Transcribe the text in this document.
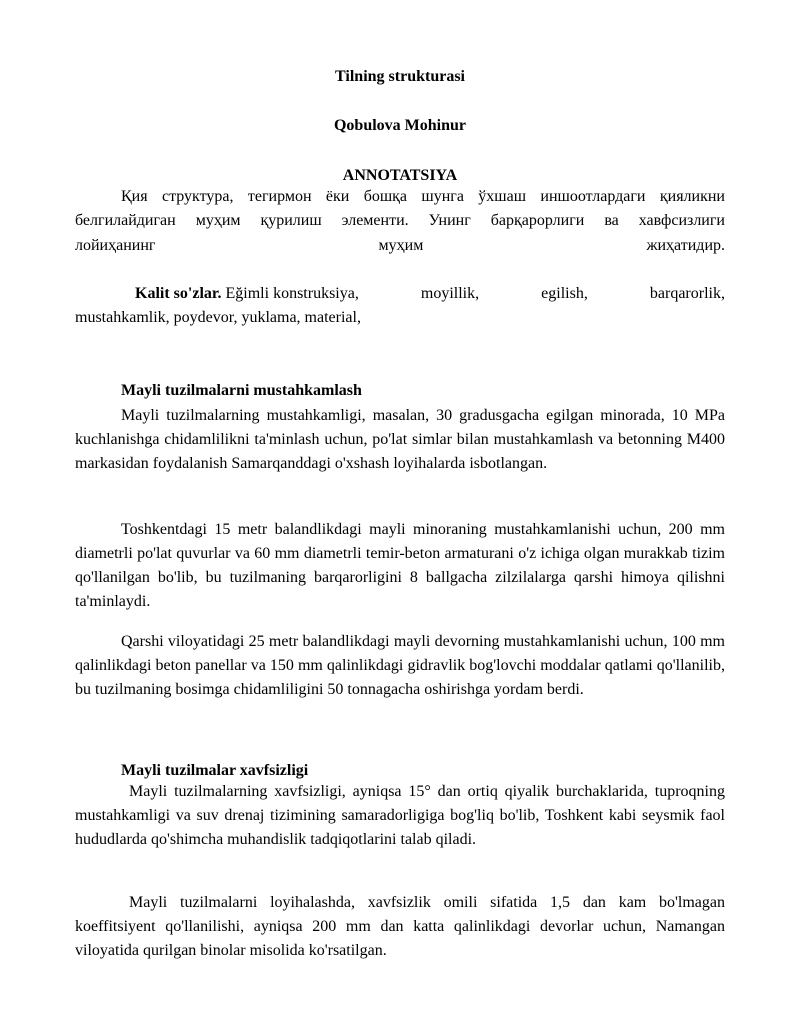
Tilning strukturasi
Qobulova Mohinur
ANNOTATSIYA
Қия структура, тегирмон ёки бошқа шунга ўхшаш иншоотлардаги қияликни
белгилайдиган муҳим қурилиш элементи. Унинг барқарорлиги ва хавфсизлиги
лойиҳанинг	муҳим	жиҳатидир.
Kalit so'zlar. Eğimli konstruksiya,	moyillik,	egilish,	barqarorlik,
mustahkamlik, poydevor, yuklama, material,
Mayli tuzilmalarni mustahkamlash

Mayli tuzilmalarning mustahkamligi, masalan, 30 gradusgacha egilgan minorada, 10 MPa kuchlanishga chidamlilikni ta'minlash uchun, po'lat simlar bilan mustahkamlash va betonning M400 markasidan foydalanish Samarqanddagi o'xshash loyihalarda isbotlangan.

Toshkentdagi 15 metr balandlikdagi mayli minoraning mustahkamlanishi uchun, 200 mm diametrli po'lat quvurlar va 60 mm diametrli temir-beton armaturani o'z ichiga olgan murakkab tizim qo'llanilgan bo'lib, bu tuzilmaning barqarorligini 8 ballgacha zilzilalarga qarshi himoya qilishni ta'minlaydi.

Qarshi viloyatidagi 25 metr balandlikdagi mayli devorning mustahkamlanishi uchun, 100 mm qalinlikdagi beton panellar va 150 mm qalinlikdagi gidravlik bog'lovchi moddalar qatlami qo'llanilib, bu tuzilmaning bosimga chidamliligini 50 tonnagacha oshirishga yordam berdi.

Mayli tuzilmalar xavfsizligi

Mayli tuzilmalarning xavfsizligi, ayniqsa 15° dan ortiq qiyalik burchaklarida, tuproqning mustahkamligi va suv drenaj tizimining samaradorligiga bog'liq bo'lib, Toshkent kabi seysmik faol hududlarda qo'shimcha muhandislik tadqiqotlarini talab qiladi.

Mayli tuzilmalarni loyihalashda, xavfsizlik omili sifatida 1,5 dan kam bo'lmagan koeffitsiyent qo'llanilishi, ayniqsa 200 mm dan katta qalinlikdagi devorlar uchun, Namangan viloyatida qurilgan binolar misolida ko'rsatilgan.
